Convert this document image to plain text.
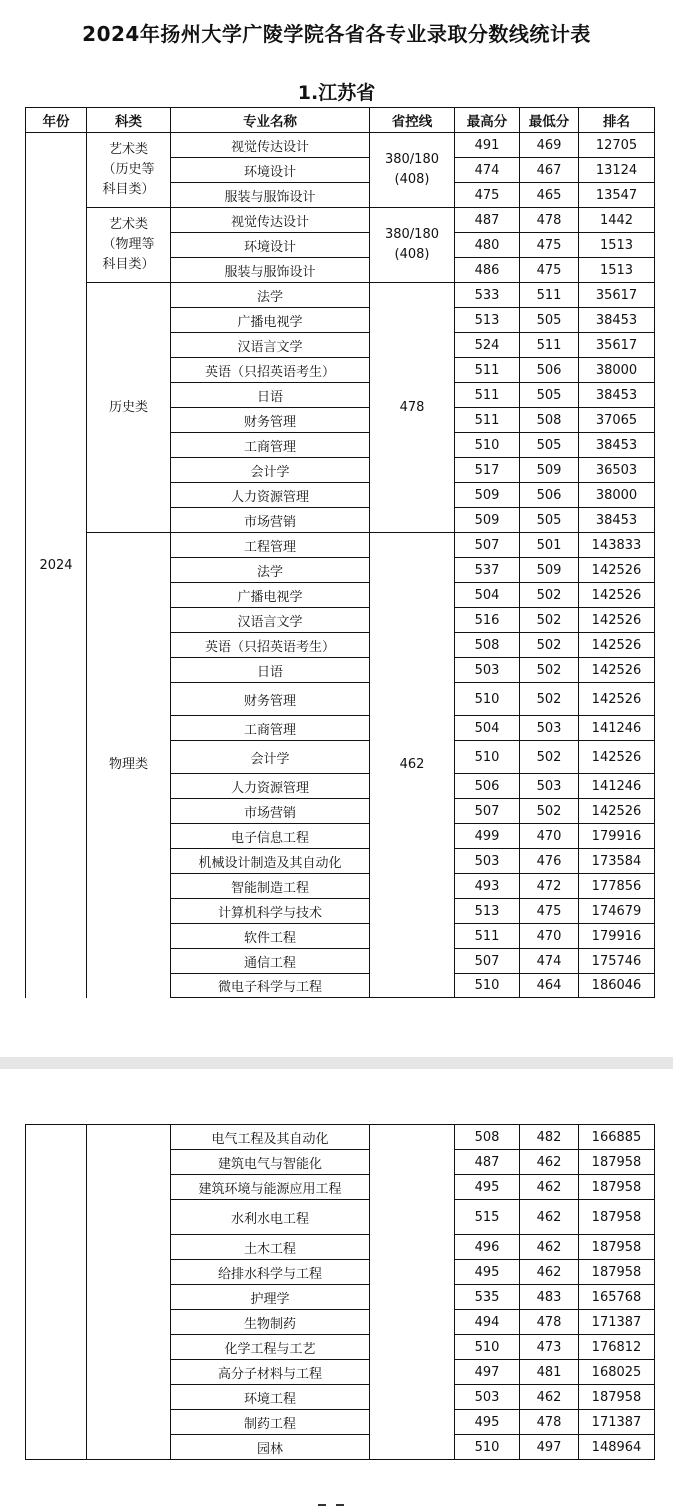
2024年扬州大学广陵学院各省各专业录取分数线统计表
1.江苏省
年份	科类	专业名称	省控线	最高分	最低分	排名
2024	艺术类（历史等科目类）	视觉传达设计	380/180 (408)	491	469	12705
		环境设计		474	467	13124
		服装与服饰设计		475	465	13547
	艺术类（物理等科目类）	视觉传达设计	380/180 (408)	487	478	1442
		环境设计		480	475	1513
		服装与服饰设计		486	475	1513
	历史类	法学	478	533	511	35617
		广播电视学		513	505	38453
		汉语言文学		524	511	35617
		英语（只招英语考生）		511	506	38000
		日语		511	505	38453
		财务管理		511	508	37065
		工商管理		510	505	38453
		会计学		517	509	36503
		人力资源管理		509	506	38000
		市场营销		509	505	38453
	物理类	工程管理	462	507	501	143833
		法学		537	509	142526
		广播电视学		504	502	142526
		汉语言文学		516	502	142526
		英语（只招英语考生）		508	502	142526
		日语		503	502	142526
		财务管理		510	502	142526
		工商管理		504	503	141246
		会计学		510	502	142526
		人力资源管理		506	503	141246
		市场营销		507	502	142526
		电子信息工程		499	470	179916
		机械设计制造及其自动化		503	476	173584
		智能制造工程		493	472	177856
		计算机科学与技术		513	475	174679
		软件工程		511	470	179916
		通信工程		507	474	175746
		微电子科学与工程		510	464	186046
		电气工程及其自动化		508	482	166885
		建筑电气与智能化		487	462	187958
		建筑环境与能源应用工程		495	462	187958
		水利水电工程		515	462	187958
		土木工程		496	462	187958
		给排水科学与工程		495	462	187958
		护理学		535	483	165768
		生物制药		494	478	171387
		化学工程与工艺		510	473	176812
		高分子材料与工程		497	481	168025
		环境工程		503	462	187958
		制药工程		495	478	171387
		园林		510	497	148964
